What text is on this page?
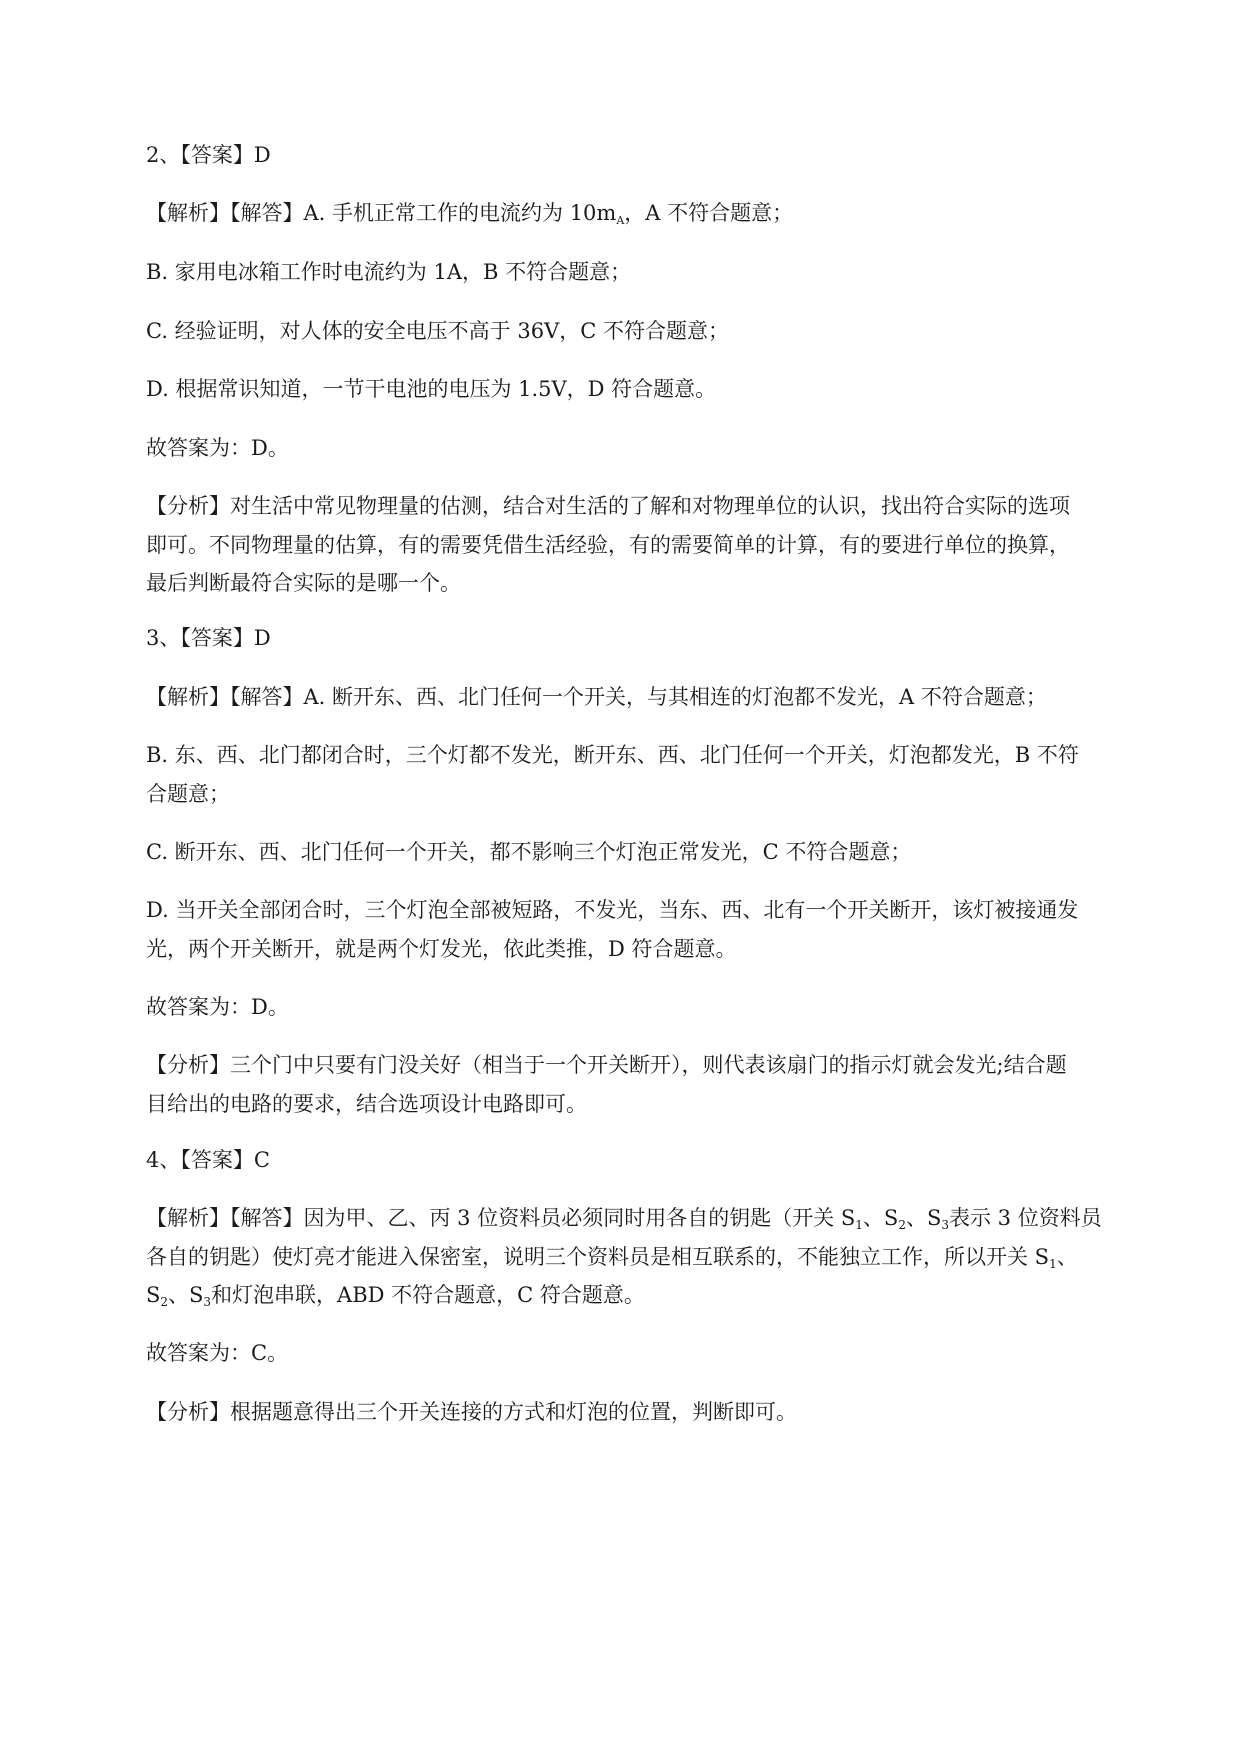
2、【答案】D
【解析】【解答】A. 手机正常工作的电流约为 $10m_A$，A 不符合题意；
B. 家用电冰箱工作时电流约为 1A，B 不符合题意；
C. 经验证明，对人体的安全电压不高于 36V，C 不符合题意；
D. 根据常识知道，一节干电池的电压为 1.5V，D 符合题意。
故答案为：D。
【分析】对生活中常见物理量的估测，结合对生活的了解和对物理单位的认识，找出符合实际的选项
即可。不同物理量的估算，有的需要凭借生活经验，有的需要简单的计算，有的要进行单位的换算，
最后判断最符合实际的是哪一个。
3、【答案】D
【解析】【解答】A. 断开东、西、北门任何一个开关，与其相连的灯泡都不发光，A 不符合题意；
B. 东、西、北门都闭合时，三个灯都不发光，断开东、西、北门任何一个开关，灯泡都发光，B 不符
合题意；
C. 断开东、西、北门任何一个开关，都不影响三个灯泡正常发光，C 不符合题意；
D. 当开关全部闭合时，三个灯泡全部被短路，不发光，当东、西、北有一个开关断开，该灯被接通发
光，两个开关断开，就是两个灯发光，依此类推，D 符合题意。
故答案为：D。
【分析】三个门中只要有门没关好（相当于一个开关断开），则代表该扇门的指示灯就会发光;结合题
目给出的电路的要求，结合选项设计电路即可。
4、【答案】C
【解析】【解答】因为甲、乙、丙 3 位资料员必须同时用各自的钥匙（开关 $S_1$、$S_2$、$S_3$表示 3 位资料员
各自的钥匙）使灯亮才能进入保密室，说明三个资料员是相互联系的，不能独立工作，所以开关 $S_1$、
$S_2$、$S_3$和灯泡串联，ABD 不符合题意，C 符合题意。
故答案为：C。
【分析】根据题意得出三个开关连接的方式和灯泡的位置，判断即可。
